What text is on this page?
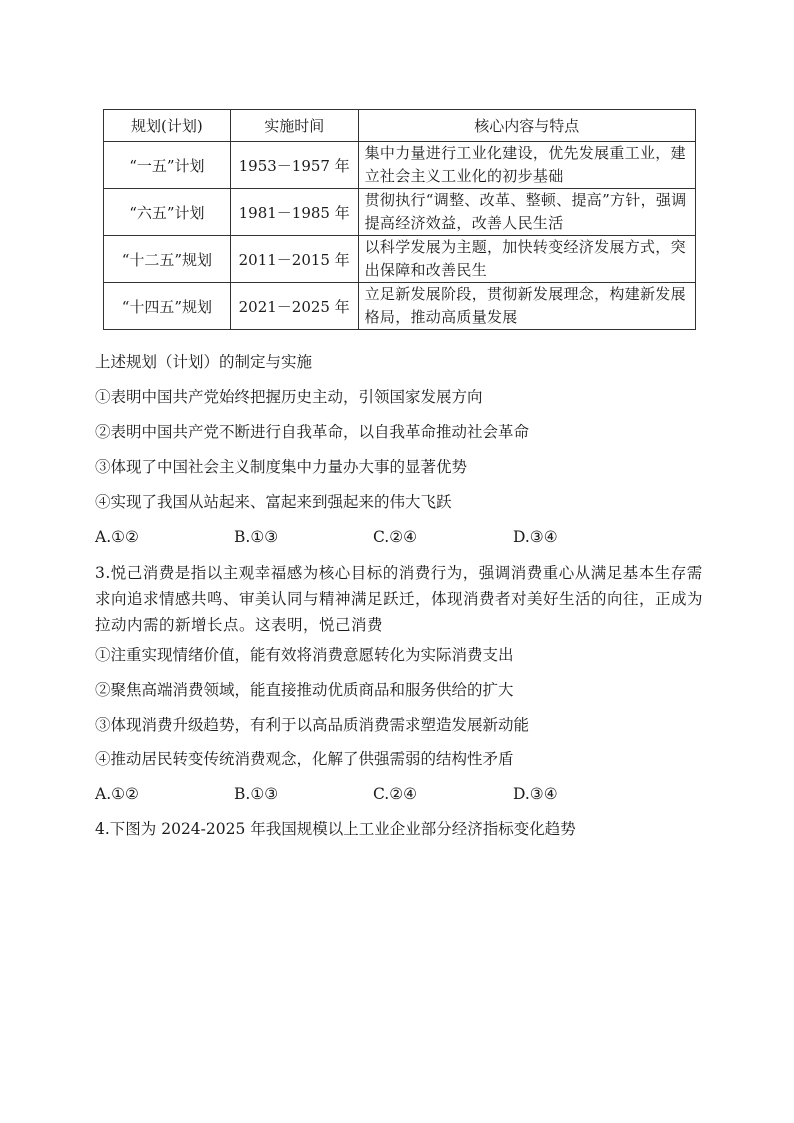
规划(计划)	实施时间	核心内容与特点
“一五”计划	1953－1957 年	集中力量进行工业化建设，优先发展重工业，建立社会主义工业化的初步基础
“六五”计划	1981－1985 年	贯彻执行“调整、改革、整顿、提高”方针，强调提高经济效益，改善人民生活
“十二五”规划	2011－2015 年	以科学发展为主题，加快转变经济发展方式，突出保障和改善民生
“十四五”规划	2021－2025 年	立足新发展阶段，贯彻新发展理念，构建新发展格局，推动高质量发展
上述规划（计划）的制定与实施
①表明中国共产党始终把握历史主动，引领国家发展方向
②表明中国共产党不断进行自我革命，以自我革命推动社会革命
③体现了中国社会主义制度集中力量办大事的显著优势
④实现了我国从站起来、富起来到强起来的伟大飞跃
A.①②	B.①③	C.②④	D.③④
3.悦己消费是指以主观幸福感为核心目标的消费行为，强调消费重心从满足基本生存需求向追求情感共鸣、审美认同与精神满足跃迁，体现消费者对美好生活的向往，正成为拉动内需的新增长点。这表明，悦己消费
①注重实现情绪价值，能有效将消费意愿转化为实际消费支出
②聚焦高端消费领域，能直接推动优质商品和服务供给的扩大
③体现消费升级趋势，有利于以高品质消费需求塑造发展新动能
④推动居民转变传统消费观念，化解了供强需弱的结构性矛盾
A.①②	B.①③	C.②④	D.③④
4.下图为 2024-2025 年我国规模以上工业企业部分经济指标变化趋势
